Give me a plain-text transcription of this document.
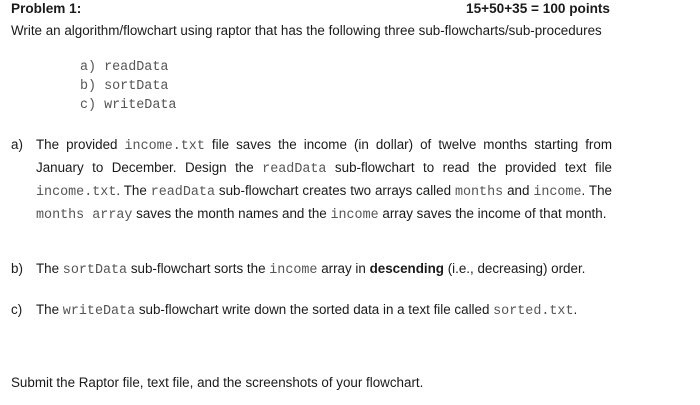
Problem 1:	15+50+35 = 100 points
Write an algorithm/flowchart using raptor that has the following three sub-flowcharts/sub-procedures
a) readData
b) sortData
c) writeData
a) The provided income.txt file saves the income (in dollar) of twelve months starting from January to December. Design the readData sub-flowchart to read the provided text file income.txt. The readData sub-flowchart creates two arrays called months and income. The months array saves the month names and the income array saves the income of that month.
b) The sortData sub-flowchart sorts the income array in descending (i.e., decreasing) order.
c)	The writeData sub-flowchart write down the sorted data in a text file called sorted.txt.
Submit the Raptor file, text file, and the screenshots of your flowchart.
